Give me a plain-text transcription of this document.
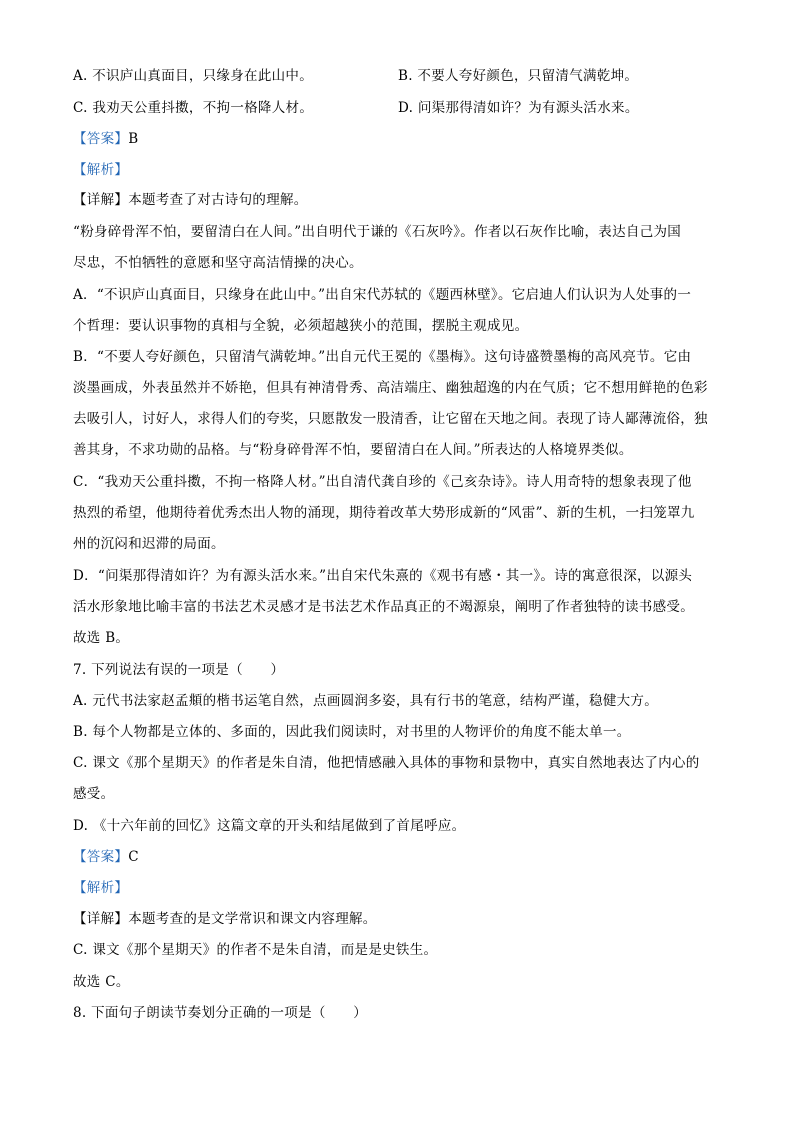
A. 不识庐山真面目，只缘身在此山中。	B. 不要人夸好颜色，只留清气满乾坤。
C. 我劝天公重抖擞，不拘一格降人材。	D. 问渠那得清如许？为有源头活水来。
【答案】B
【解析】
【详解】本题考查了对古诗句的理解。
“粉身碎骨浑不怕，要留清白在人间。”出自明代于谦的《石灰吟》。作者以石灰作比喻，表达自己为国
尽忠，不怕牺牲的意愿和坚守高洁情操的决心。
A．“不识庐山真面目，只缘身在此山中。”出自宋代苏轼的《题西林壁》。它启迪人们认识为人处事的一
个哲理：要认识事物的真相与全貌，必须超越狭小的范围，摆脱主观成见。
B．“不要人夸好颜色，只留清气满乾坤。”出自元代王冕的《墨梅》。这句诗盛赞墨梅的高风亮节。它由
淡墨画成，外表虽然并不娇艳，但具有神清骨秀、高洁端庄、幽独超逸的内在气质；它不想用鲜艳的色彩
去吸引人，讨好人，求得人们的夸奖，只愿散发一股清香，让它留在天地之间。表现了诗人鄙薄流俗，独
善其身，不求功勋的品格。与“粉身碎骨浑不怕，要留清白在人间。”所表达的人格境界类似。
C．“我劝天公重抖擞，不拘一格降人材。”出自清代龚自珍的《己亥杂诗》。诗人用奇特的想象表现了他
热烈的希望，他期待着优秀杰出人物的涌现，期待着改革大势形成新的“风雷”、新的生机，一扫笼罩九
州的沉闷和迟滞的局面。
D．“问渠那得清如许？为有源头活水来。”出自宋代朱熹的《观书有感・其一》。诗的寓意很深，以源头
活水形象地比喻丰富的书法艺术灵感才是书法艺术作品真正的不竭源泉，阐明了作者独特的读书感受。
故选 B。
7. 下列说法有误的一项是（　　）
A. 元代书法家赵孟頫的楷书运笔自然，点画圆润多姿，具有行书的笔意，结构严谨，稳健大方。
B. 每个人物都是立体的、多面的，因此我们阅读时，对书里的人物评价的角度不能太单一。
C. 课文《那个星期天》的作者是朱自清，他把情感融入具体的事物和景物中，真实自然地表达了内心的
感受。
D. 《十六年前的回忆》这篇文章的开头和结尾做到了首尾呼应。
【答案】C
【解析】
【详解】本题考查的是文学常识和课文内容理解。
C. 课文《那个星期天》的作者不是朱自清，而是是史铁生。
故选 C。
8. 下面句子朗读节奏划分正确的一项是（　　）
